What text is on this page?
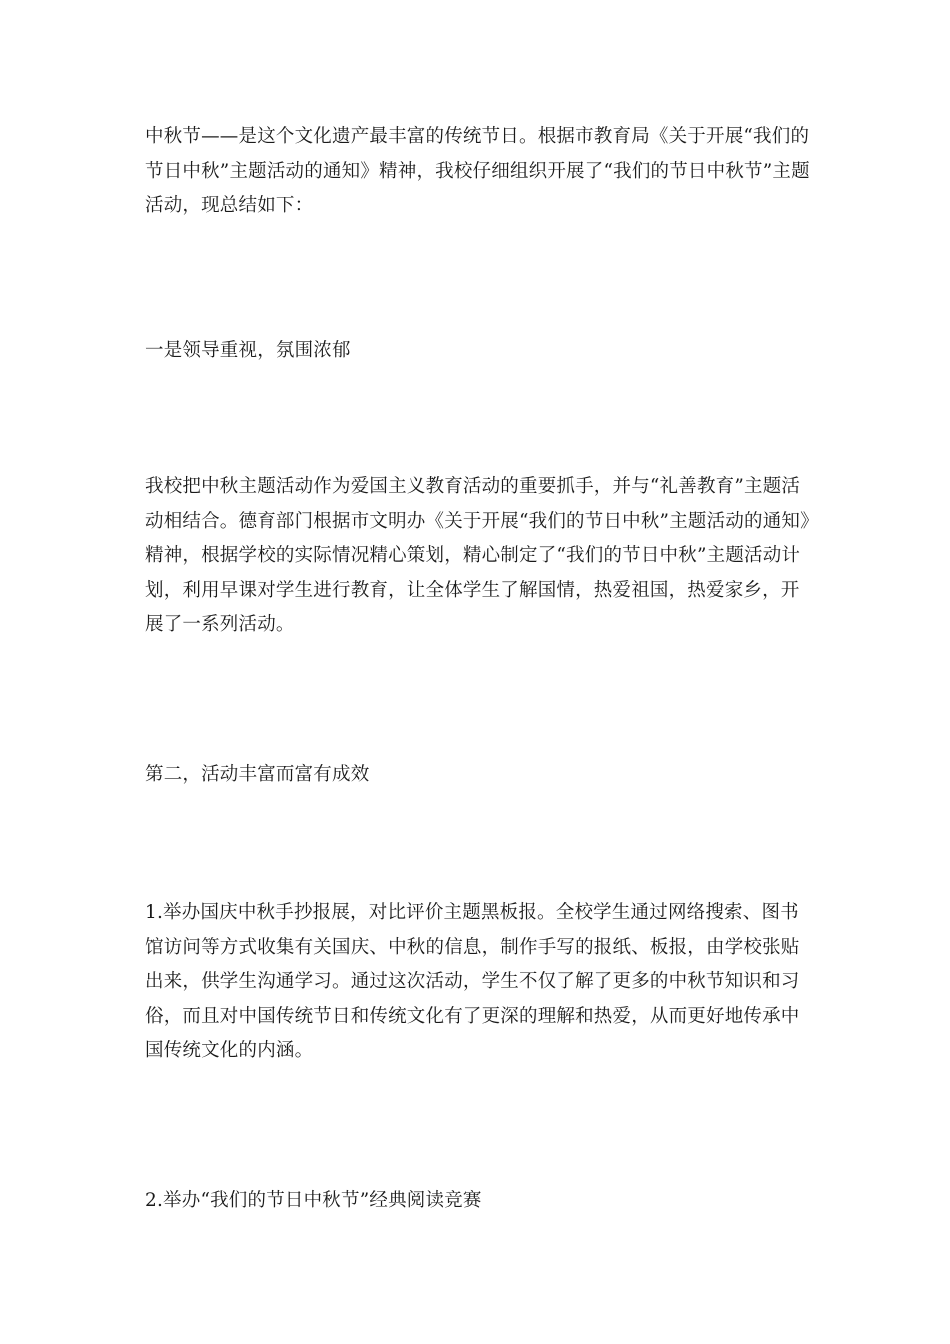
中秋节——是这个文化遗产最丰富的传统节日。根据市教育局《关于开展“我们的节日中秋”主题活动的通知》精神，我校仔细组织开展了“我们的节日中秋节”主题活动，现总结如下：

一是领导重视，氛围浓郁

我校把中秋主题活动作为爱国主义教育活动的重要抓手，并与“礼善教育”主题活动相结合。德育部门根据市文明办《关于开展“我们的节日中秋”主题活动的通知》精神，根据学校的实际情况精心策划，精心制定了“我们的节日中秋”主题活动计划，利用早课对学生进行教育，让全体学生了解国情，热爱祖国，热爱家乡，开展了一系列活动。

第二，活动丰富而富有成效

1.举办国庆中秋手抄报展，对比评价主题黑板报。全校学生通过网络搜索、图书馆访问等方式收集有关国庆、中秋的信息，制作手写的报纸、板报，由学校张贴出来，供学生沟通学习。通过这次活动，学生不仅了解了更多的中秋节知识和习俗，而且对中国传统节日和传统文化有了更深的理解和热爱，从而更好地传承中国传统文化的内涵。

2.举办“我们的节日中秋节”经典阅读竞赛
